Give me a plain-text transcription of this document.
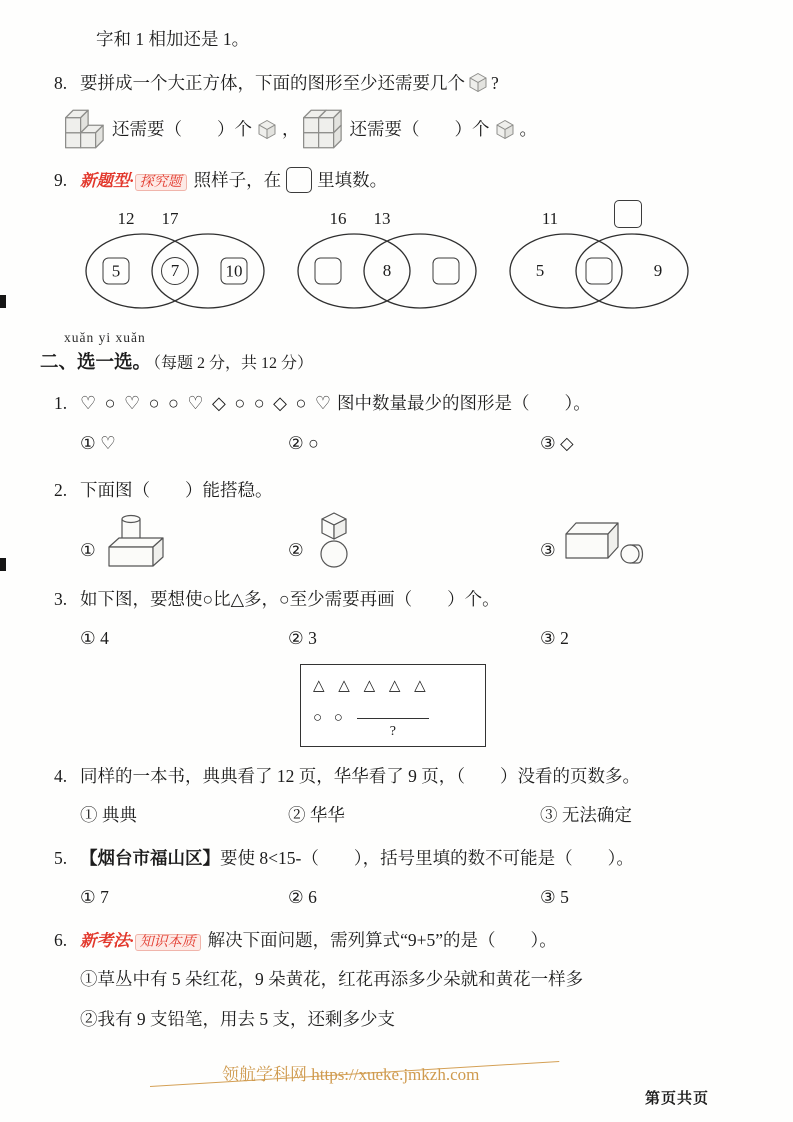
字和 1 相加还是 1。

8. 要拼成一个大正方体，下面的图形至少还需要几个 ?
还需要（　　）个 ，	还需要（　　）个 。
9. 新题型· 探究题 照样子，在 里填数。
12 17
5	7	10
16 13
8
11
5	9
xuǎn yi xuǎn
二、选一选。 （每题 2 分，共 12 分）
1. ♡ ○ ♡ ○ ○ ♡ ◇ ○ ○ ◇ ○ ♡ 图中数量最少的图形是（　　）。
① ♡	② ○	③ ◇
2. 下面图（　　）能搭稳。
①	②	③
3. 如下图，要想使○比△多，○至少需要再画（　　）个。
① 4	② 3	③ 2
△ △ △ △ △
○ ○
?
4. 同样的一本书，典典看了 12 页，华华看了 9 页，（　　）没看的页数多。
① 典典	② 华华	③ 无法确定
5. 【烟台市福山区】要使 8<15-（　　），括号里填的数不可能是（　　）。
① 7	② 6	③ 5
6. 新考法· 知识本质 解决下面问题，需列算式“9+5”的是（　　）。
①草丛中有 5 朵红花，9 朵黄花，红花再添多少朵就和黄花一样多
②我有 9 支铅笔，用去 5 支，还剩多少支
领航学科网 https://xueke.jmkzh.com
第页共页
